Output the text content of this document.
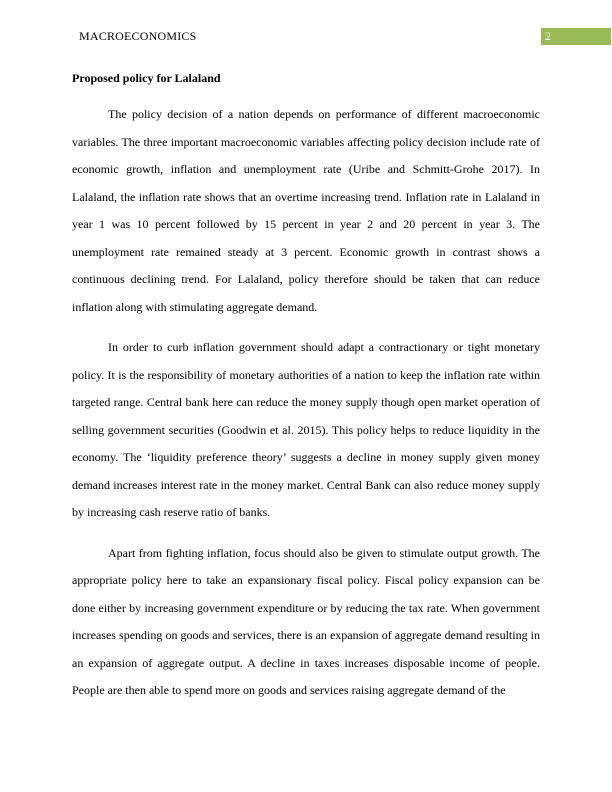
MACROECONOMICS	2
Proposed policy for Lalaland

The policy decision of a nation depends on performance of different macroeconomic variables. The three important macroeconomic variables affecting policy decision include rate of economic growth, inflation and unemployment rate (Uribe and Schmitt-Grohe 2017). In Lalaland, the inflation rate shows that an overtime increasing trend. Inflation rate in Lalaland in year 1 was 10 percent followed by 15 percent in year 2 and 20 percent in year 3. The unemployment rate remained steady at 3 percent. Economic growth in contrast shows a continuous declining trend. For Lalaland, policy therefore should be taken that can reduce inflation along with stimulating aggregate demand.

In order to curb inflation government should adapt a contractionary or tight monetary policy. It is the responsibility of monetary authorities of a nation to keep the inflation rate within targeted range. Central bank here can reduce the money supply though open market operation of selling government securities (Goodwin et al. 2015). This policy helps to reduce liquidity in the economy. The ‘liquidity preference theory’ suggests a decline in money supply given money demand increases interest rate in the money market. Central Bank can also reduce money supply by increasing cash reserve ratio of banks.

Apart from fighting inflation, focus should also be given to stimulate output growth. The appropriate policy here to take an expansionary fiscal policy. Fiscal policy expansion can be done either by increasing government expenditure or by reducing the tax rate. When government increases spending on goods and services, there is an expansion of aggregate demand resulting in an expansion of aggregate output. A decline in taxes increases disposable income of people. People are then able to spend more on goods and services raising aggregate demand of the
